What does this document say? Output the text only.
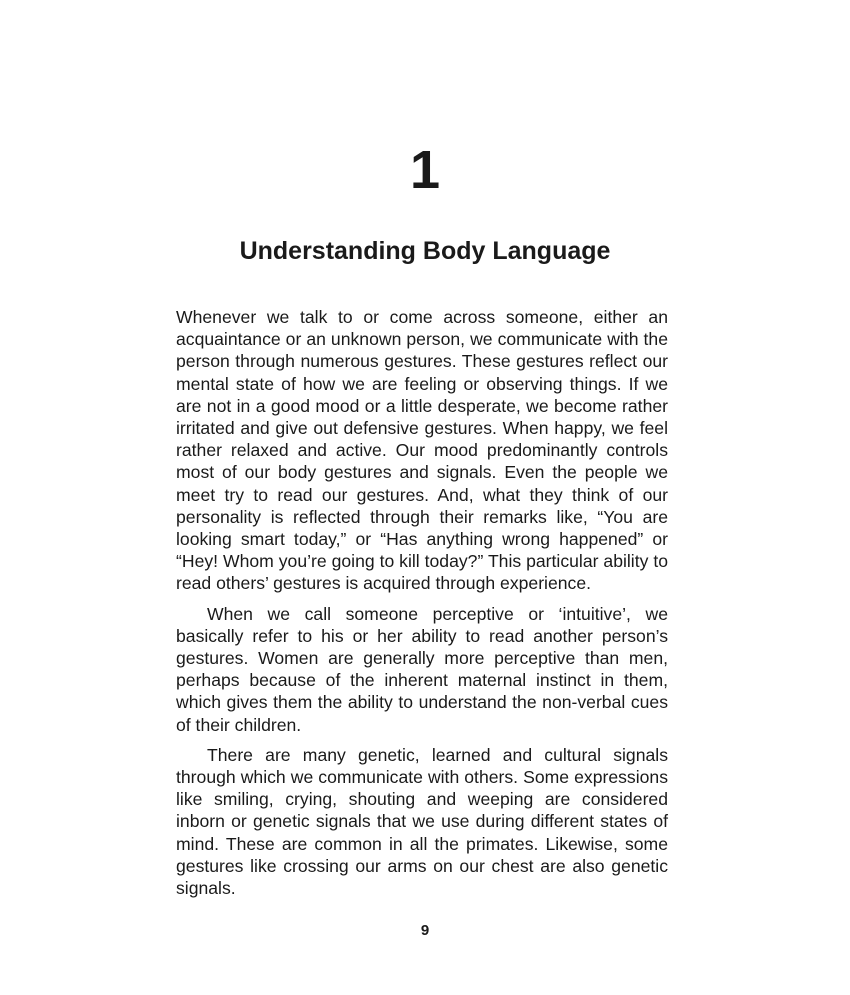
1
Understanding Body Language

Whenever we talk to or come across someone, either an acquaintance or an unknown person, we communicate with the person through numerous gestures. These gestures reflect our mental state of how we are feeling or observing things. If we are not in a good mood or a little desperate, we become rather irritated and give out defensive gestures. When happy, we feel rather relaxed and active. Our mood predominantly controls most of our body gestures and signals. Even the people we meet try to read our gestures. And, what they think of our personality is reflected through their remarks like, “You are looking smart today,” or “Has anything wrong happened” or “Hey! Whom you’re going to kill today?” This particular ability to read others’ gestures is acquired through experience.

When we call someone perceptive or ‘intuitive’, we basically refer to his or her ability to read another person’s gestures. Women are generally more perceptive than men, perhaps because of the inherent maternal instinct in them, which gives them the ability to understand the non-verbal cues of their children.

There are many genetic, learned and cultural signals through which we communicate with others. Some expressions like smiling, crying, shouting and weeping are considered inborn or genetic signals that we use during different states of mind. These are common in all the primates. Likewise, some gestures like crossing our arms on our chest are also genetic signals.

9
